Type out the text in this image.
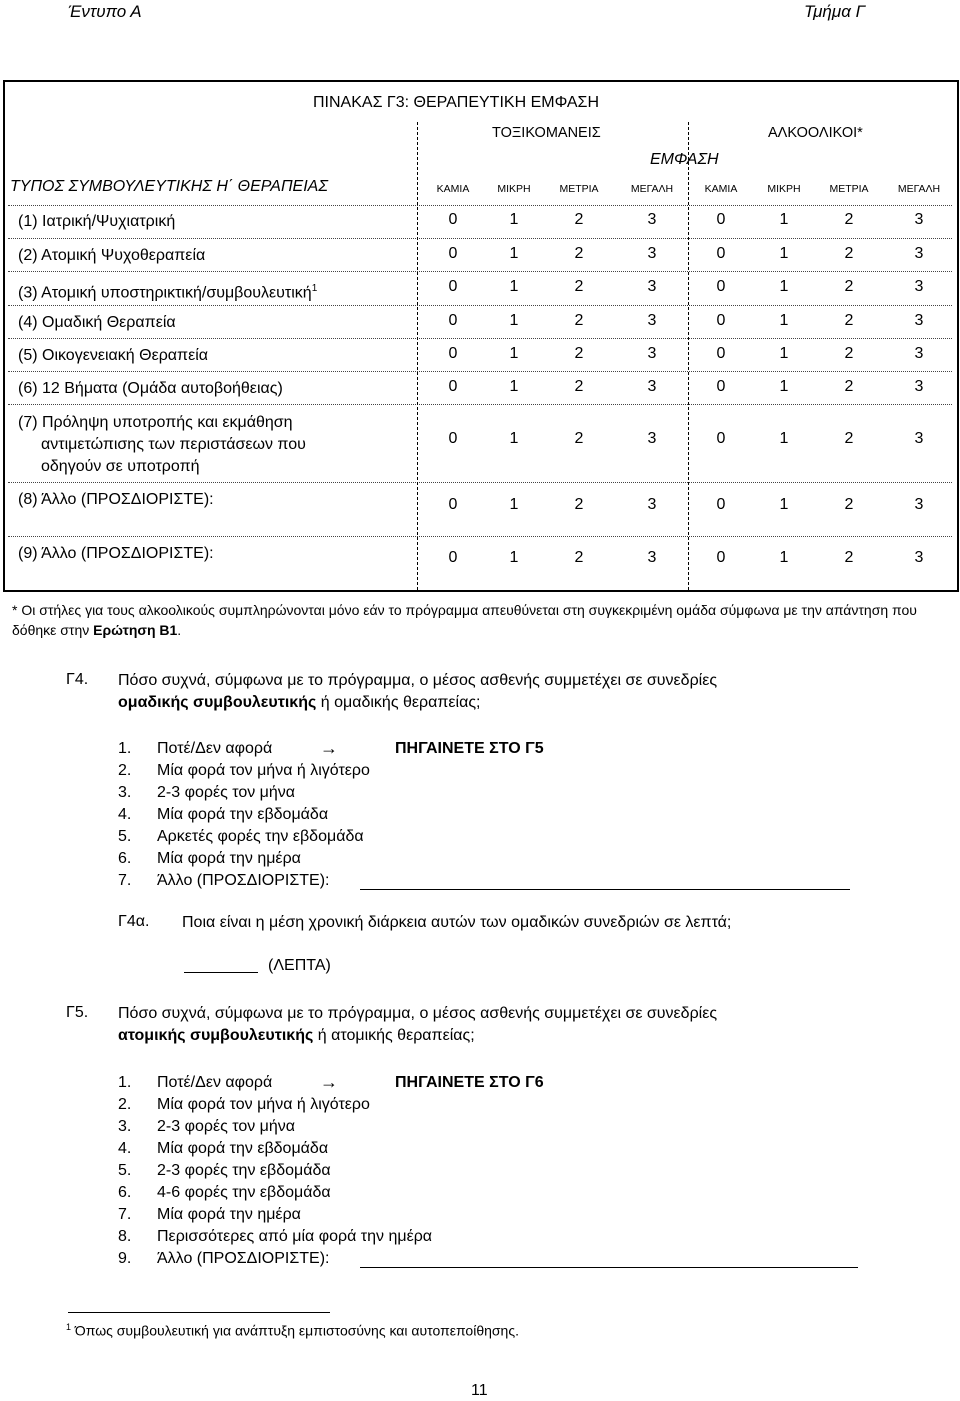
Έντυπο Α	Τμήμα Γ
ΠΙΝΑΚΑΣ Γ3: ΘΕΡΑΠΕΥΤΙΚΗ ΕΜΦΑΣΗ
ΤΟΞΙΚΟΜΑΝΕΙΣ	ΑΛΚΟΟΛΙΚΟΙ*
ΕΜΦΑΣΗ
ΤΥΠΟΣ ΣΥΜΒΟΥΛΕΥΤΙΚΗΣ Η΄ ΘΕΡΑΠΕΙΑΣ	ΚΑΜΙΑ	ΜΙΚΡΗ	ΜΕΤΡΙΑ	ΜΕΓΑΛΗ	ΚΑΜΙΑ	ΜΙΚΡΗ	ΜΕΤΡΙΑ	ΜΕΓΑΛΗ
(1) Ιατρική/Ψυχιατρική	0	1	2	3	0	1	2	3
(2) Ατομική Ψυχοθεραπεία	0	1	2	3	0	1	2	3
(3) Ατομική υποστηρικτική/συμβουλευτική$^1$	0	1	2	3	0	1	2	3
(4) Ομαδική Θεραπεία	0	1	2	3	0	1	2	3
(5) Οικογενειακή Θεραπεία	0	1	2	3	0	1	2	3
(6) 12 Βήματα (Ομάδα αυτοβοήθειας)	0	1	2	3	0	1	2	3
(7) Πρόληψη υποτροπής και εκμάθηση
αντιμετώπισης των περιστάσεων που
οδηγούν σε υποτροπή
0	1	2	3	0	1	2	3
(8) Άλλο (ΠΡΟΣΔΙΟΡΙΣΤΕ):	0	1	2	3	0	1	2	3
(9) Άλλο (ΠΡΟΣΔΙΟΡΙΣΤΕ):	0	1	2	3	0	1	2	3
* Οι στήλες για τους αλκοολικούς συμπληρώνονται μόνο εάν το πρόγραμμα απευθύνεται στη συγκεκριμένη ομάδα σύμφωνα με την απάντηση που δόθηκε στην Ερώτηση Β1.
Γ4. Πόσο συχνά, σύμφωνα με το πρόγραμμα, ο μέσος ασθενής συμμετέχει σε συνεδρίες
ομαδικής συμβουλευτικής ή ομαδικής θεραπείας;
1. Ποτέ/Δεν αφορά	→	ΠΗΓΑΙΝΕΤΕ ΣΤΟ Γ5
2. Μία φορά τον μήνα ή λιγότερο
3. 2-3 φορές τον μήνα
4. Μία φορά την εβδομάδα
5. Αρκετές φορές την εβδομάδα
6. Μία φορά την ημέρα
7. Άλλο (ΠΡΟΣΔΙΟΡΙΣΤΕ):
Γ4α. Ποια είναι η μέση χρονική διάρκεια αυτών των ομαδικών συνεδριών σε λεπτά;
(ΛΕΠΤΑ)
Γ5. Πόσο συχνά, σύμφωνα με το πρόγραμμα, ο μέσος ασθενής συμμετέχει σε συνεδρίες
ατομικής συμβουλευτικής ή ατομικής θεραπείας;
1. Ποτέ/Δεν αφορά	→	ΠΗΓΑΙΝΕΤΕ ΣΤΟ Γ6
2. Μία φορά τον μήνα ή λιγότερο
3. 2-3 φορές τον μήνα
4. Μία φορά την εβδομάδα
5. 2-3 φορές την εβδομάδα
6. 4-6 φορές την εβδομάδα
7. Μία φορά την ημέρα
8. Περισσότερες από μία φορά την ημέρα
9. Άλλο (ΠΡΟΣΔΙΟΡΙΣΤΕ):
$^1$ Όπως συμβουλευτική για ανάπτυξη εμπιστοσύνης και αυτοπεποίθησης.
11
